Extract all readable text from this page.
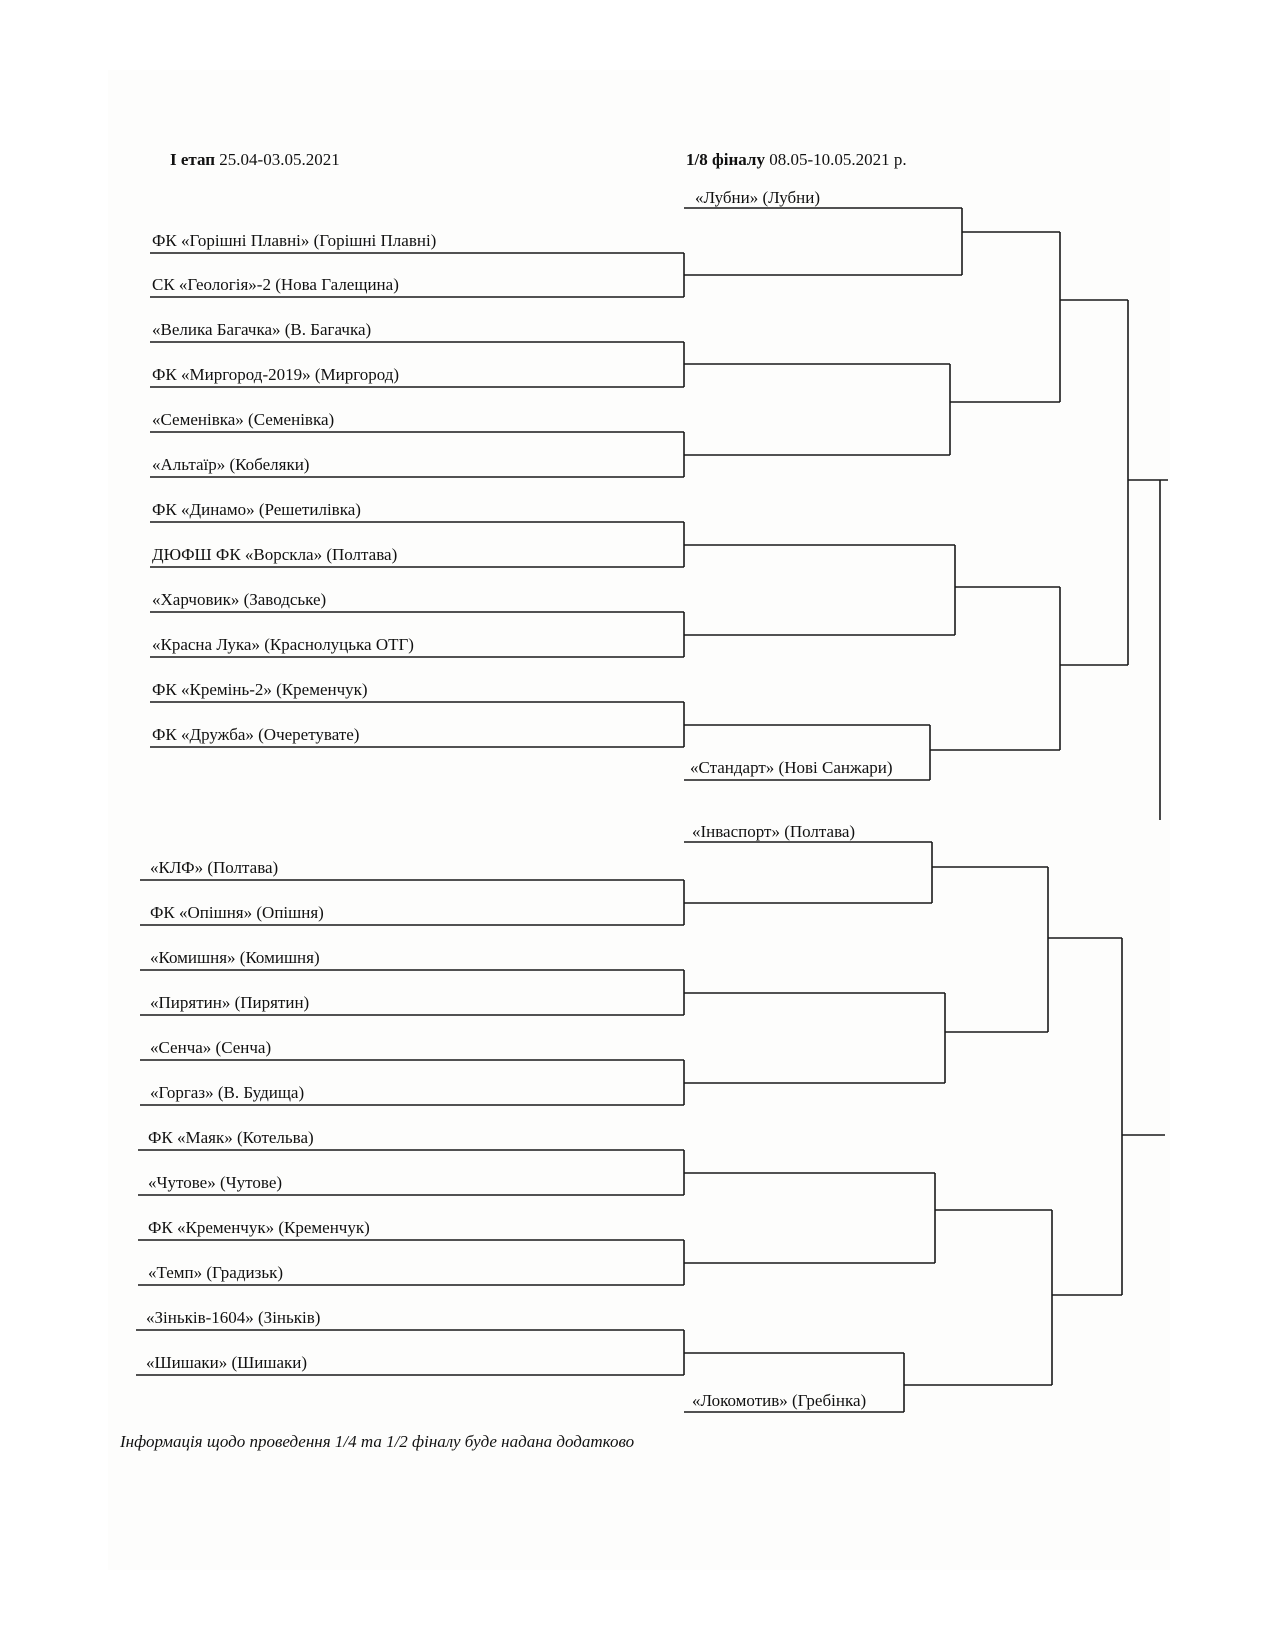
І етап 25.04-03.05.2021	1/8 фіналу 08.05-10.05.2021 р.
ФК «Горішні Плавні» (Горішні Плавні)
СК «Геологія»-2 (Нова Галещина)
«Велика Багачка» (В. Багачка)
ФК «Миргород-2019» (Миргород)
«Семенівка» (Семенівка)
«Альтаїр» (Кобеляки)
ФК «Динамо» (Решетилівка)
ДЮФШ ФК «Ворскла» (Полтава)
«Харчовик» (Заводське)
«Красна Лука» (Краснолуцька ОТГ)
ФК «Кремінь-2» (Кременчук)
ФК «Дружба» (Очеретувате)
«КЛФ» (Полтава)
ФК «Опішня» (Опішня)
«Комишня» (Комишня)
«Пирятин» (Пирятин)
«Сенча» (Сенча)
«Горгаз» (В. Будища)
ФК «Маяк» (Котельва)
«Чутове» (Чутове)
ФК «Кременчук» (Кременчук)
«Темп» (Градизьк)
«Зіньків-1604» (Зіньків)
«Шишаки» (Шишаки)
«Лубни» (Лубни)
«Стандарт» (Нові Санжари)
«Інваспорт» (Полтава)
«Локомотив» (Гребінка)
Інформація щодо проведення 1/4 та 1/2 фіналу буде надана додатково
